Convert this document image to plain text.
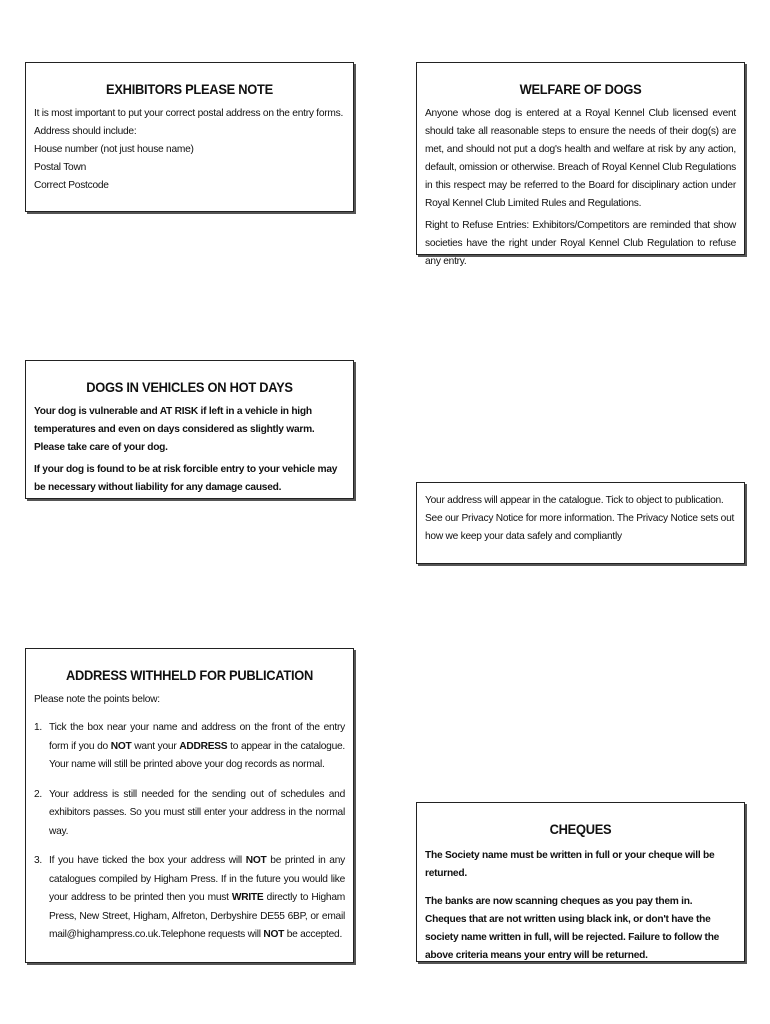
EXHIBITORS PLEASE NOTE

It is most important to put your correct postal address on the entry forms.

Address should include:

House number (not just house name)

Postal Town

Correct Postcode

WELFARE OF DOGS

Anyone whose dog is entered at a Royal Kennel Club licensed event should take all reasonable steps to ensure the needs of their dog(s) are met, and should not put a dog's health and welfare at risk by any action, default, omission or otherwise. Breach of Royal Kennel Club Regulations in this respect may be referred to the Board for disciplinary action under Royal Kennel Club Limited Rules and Regulations.

Right to Refuse Entries: Exhibitors/Competitors are reminded that show societies have the right under Royal Kennel Club Regulation to refuse any entry.

DOGS IN VEHICLES ON HOT DAYS

Your dog is vulnerable and AT RISK if left in a vehicle in high temperatures and even on days considered as slightly warm. Please take care of your dog.

If your dog is found to be at risk forcible entry to your vehicle may be necessary without liability for any damage caused.

Your address will appear in the catalogue. Tick to object to publication. See our Privacy Notice for more information. The Privacy Notice sets out how we keep your data safely and compliantly

ADDRESS WITHHELD FOR PUBLICATION

Please note the points below:

1. Tick the box near your name and address on the front of the entry form if you do NOT want your ADDRESS to appear in the catalogue. Your name will still be printed above your dog records as normal.
2. Your address is still needed for the sending out of schedules and exhibitors passes. So you must still enter your address in the normal way.
3. If you have ticked the box your address will NOT be printed in any catalogues compiled by Higham Press. If in the future you would like your address to be printed then you must WRITE directly to Higham Press, New Street, Higham, Alfreton, Derbyshire DE55 6BP, or email mail@highampress.co.uk.Telephone requests will NOT be accepted.
CHEQUES

The Society name must be written in full or your cheque will be returned.

The banks are now scanning cheques as you pay them in. Cheques that are not written using black ink, or don't have the society name written in full, will be rejected. Failure to follow the above criteria means your entry will be returned.
